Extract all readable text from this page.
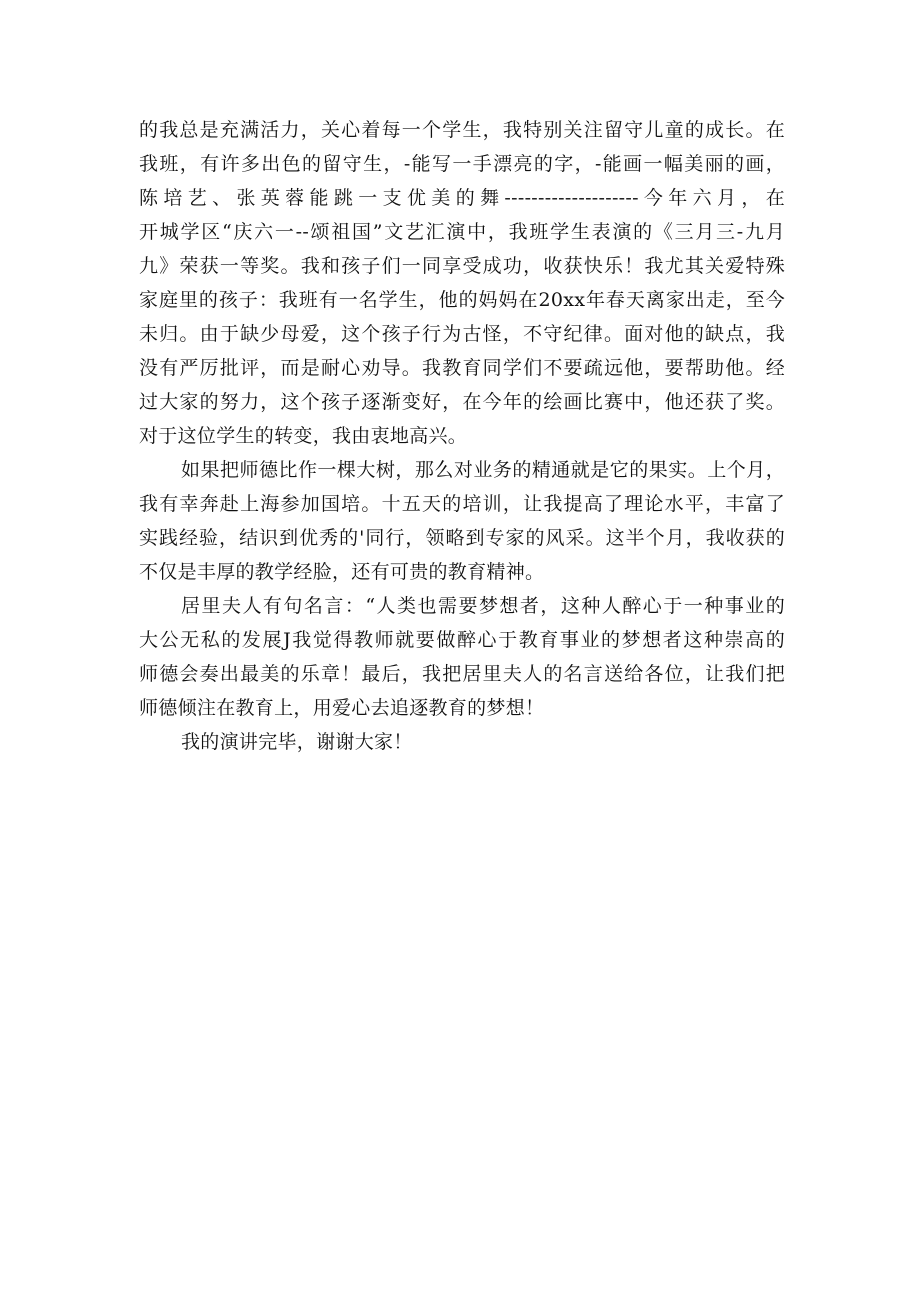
的我总是充满活力，关心着每一个学生，我特别关注留守儿童的成长。在
我班，有许多出色的留守生，-能写一手漂亮的字，-能画一幅美丽的画，
陈培艺、张英蓉能跳一支优美的舞--------------------今年六月，在
开城学区“庆六一--颂祖国”文艺汇演中，我班学生表演的《三月三-九月
九》荣获一等奖。我和孩子们一同享受成功，收获快乐！我尤其关爱特殊
家庭里的孩子：我班有一名学生，他的妈妈在20xx年春天离家出走，至今
未归。由于缺少母爱，这个孩子行为古怪，不守纪律。面对他的缺点，我
没有严厉批评，而是耐心劝导。我教育同学们不要疏远他，要帮助他。经
过大家的努力，这个孩子逐渐变好，在今年的绘画比赛中，他还获了奖。
对于这位学生的转变，我由衷地高兴。
如果把师德比作一棵大树，那么对业务的精通就是它的果实。上个月，
我有幸奔赴上海参加国培。十五天的培训，让我提高了理论水平，丰富了
实践经验，结识到优秀的'同行，领略到专家的风采。这半个月，我收获的
不仅是丰厚的教学经脸，还有可贵的教育精神。
居里夫人有句名言：“人类也需要梦想者，这种人醉心于一种事业的
大公无私的发展J我觉得教师就要做醉心于教育事业的梦想者这种崇高的
师德会奏出最美的乐章！最后，我把居里夫人的名言送给各位，让我们把
师德倾注在教育上，用爱心去追逐教育的梦想！
我的演讲完毕，谢谢大家！
